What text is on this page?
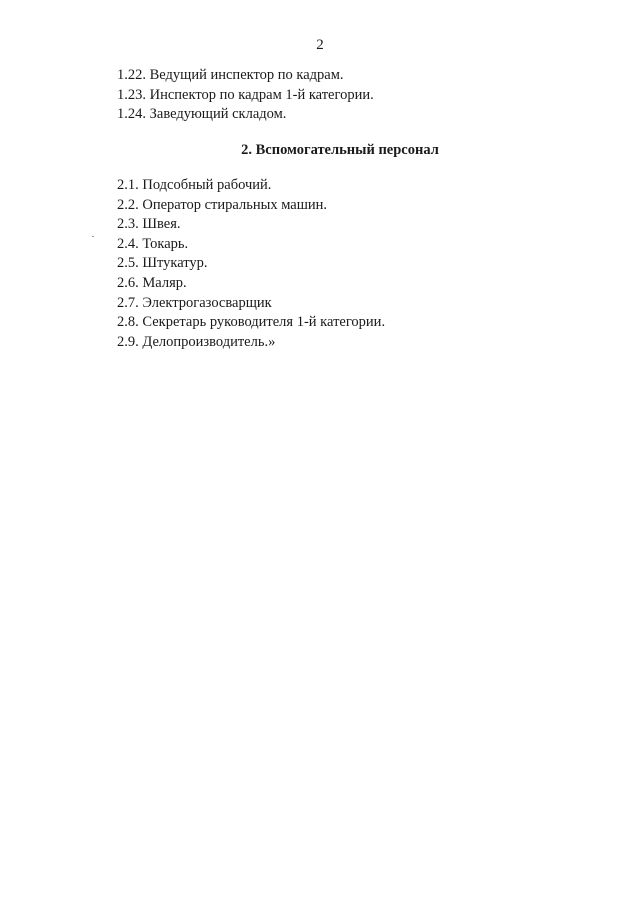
2
1.22. Ведущий инспектор по кадрам.
1.23. Инспектор по кадрам 1-й категории.
1.24. Заведующий складом.
2. Вспомогательный персонал
2.1. Подсобный рабочий.
2.2. Оператор стиральных машин.
2.3. Швея.
2.4. Токарь.
2.5. Штукатур.
2.6. Маляр.
2.7. Электрогазосварщик
2.8. Секретарь руководителя 1-й категории.
2.9. Делопроизводитель.»
